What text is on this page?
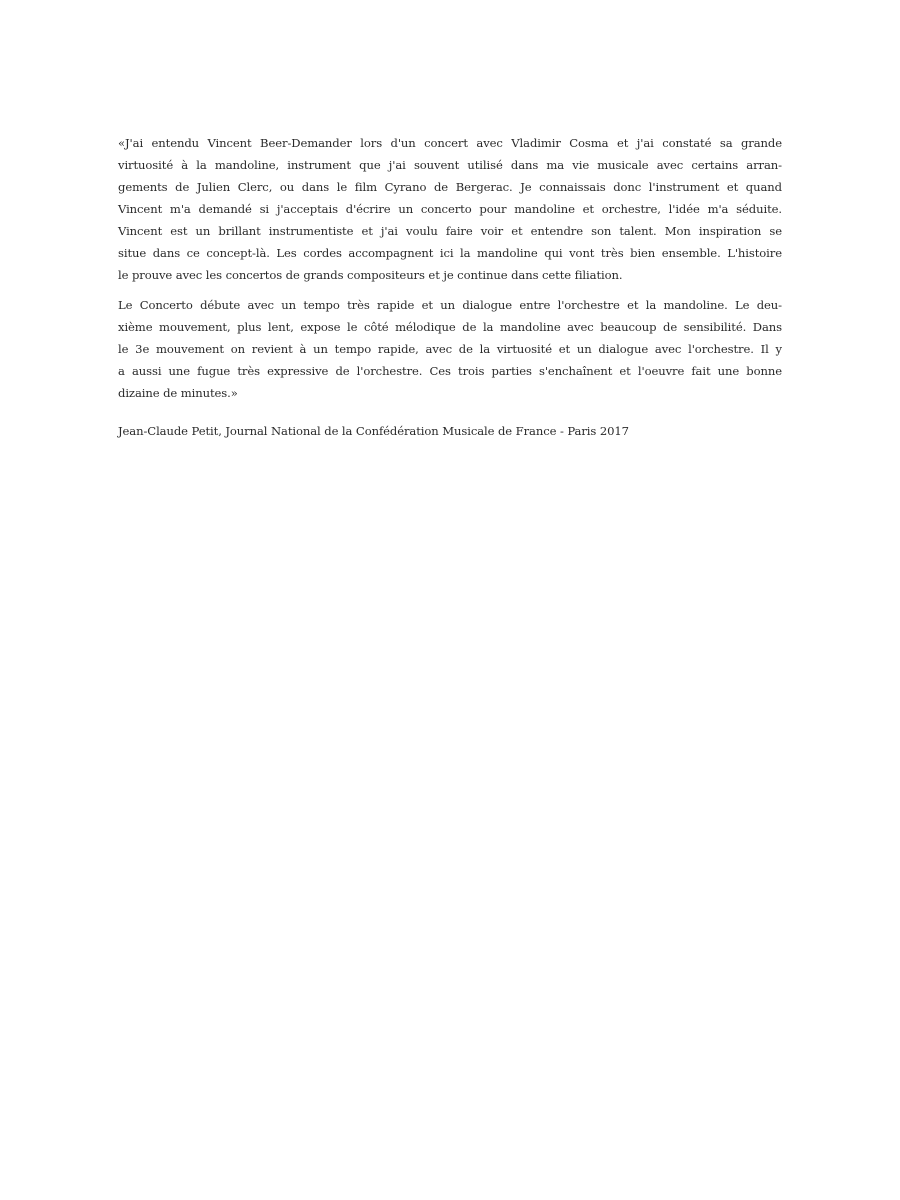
«J'ai entendu Vincent Beer-Demander lors d'un concert avec Vladimir Cosma et j'ai constaté sa grande
virtuosité à la mandoline, instrument que j'ai souvent utilisé dans ma vie musicale avec certains arran-
gements de Julien Clerc, ou dans le film Cyrano de Bergerac. Je connaissais donc l'instrument et quand
Vincent m'a demandé si j'acceptais d'écrire un concerto pour mandoline et orchestre, l'idée m'a séduite.
Vincent est un brillant instrumentiste et j'ai voulu faire voir et entendre son talent. Mon inspiration se
situe dans ce concept-là. Les cordes accompagnent ici la mandoline qui vont très bien ensemble. L'histoire
le prouve avec les concertos de grands compositeurs et je continue dans cette filiation.

Le Concerto débute avec un tempo très rapide et un dialogue entre l'orchestre et la mandoline. Le deu-
xième mouvement, plus lent, expose le côté mélodique de la mandoline avec beaucoup de sensibilité. Dans
le 3e mouvement on revient à un tempo rapide, avec de la virtuosité et un dialogue avec l'orchestre. Il y
a aussi une fugue très expressive de l'orchestre. Ces trois parties s'enchaînent et l'oeuvre fait une bonne
dizaine de minutes.»

Jean-Claude Petit, Journal National de la Confédération Musicale de France - Paris 2017
